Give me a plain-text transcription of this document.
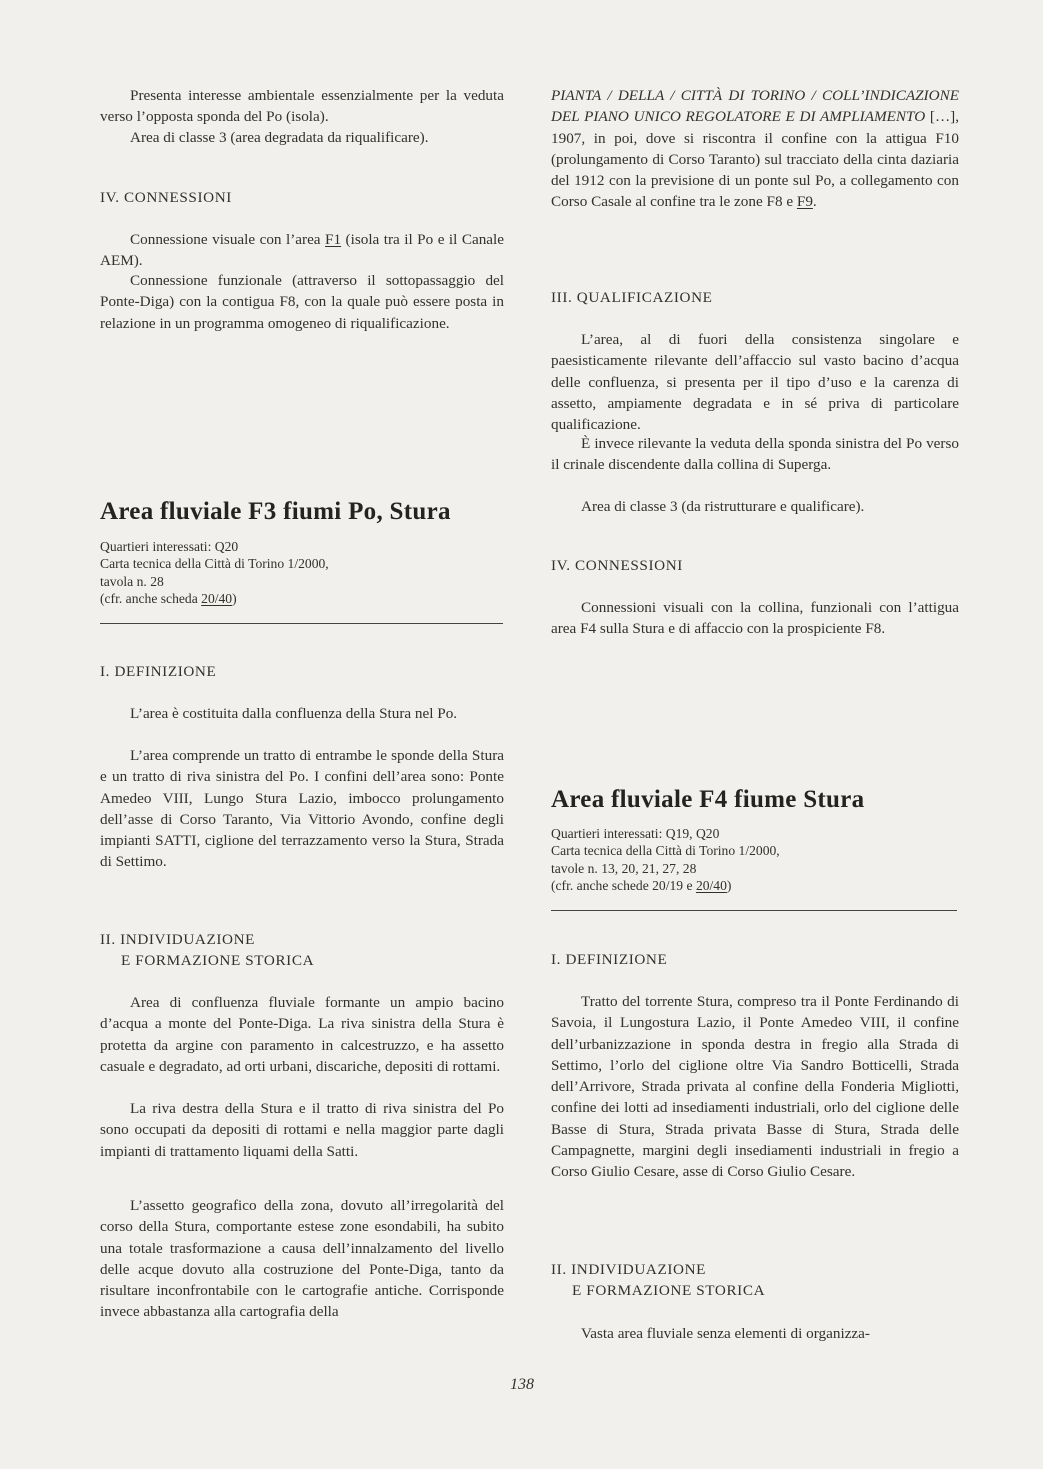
Presenta interesse ambientale essenzialmente per la veduta verso l’opposta sponda del Po (isola).

Area di classe 3 (area degradata da riqualificare).

IV. CONNESSIONI

Connessione visuale con l’area F1 (isola tra il Po e il Canale AEM).

Connessione funzionale (attraverso il sottopassaggio del Ponte-Diga) con la contigua F8, con la quale può essere posta in relazione in un programma omogeneo di riqualificazione.

Area fluviale F3 fiumi Po, Stura
Quartieri interessati: Q20
Carta tecnica della Città di Torino 1/2000,
tavola n. 28
(cfr. anche scheda 20/40)
I. DEFINIZIONE

L’area è costituita dalla confluenza della Stura nel Po.

L’area comprende un tratto di entrambe le sponde della Stura e un tratto di riva sinistra del Po. I confini dell’area sono: Ponte Amedeo VIII, Lungo Stura Lazio, imbocco prolungamento dell’asse di Corso Taranto, Via Vittorio Avondo, confine degli impianti SATTI, ciglione del terrazzamento verso la Stura, Strada di Settimo.

II. INDIVIDUAZIONE
E FORMAZIONE STORICA

Area di confluenza fluviale formante un ampio bacino d’acqua a monte del Ponte-Diga. La riva sinistra della Stura è protetta da argine con paramento in calcestruzzo, e ha assetto casuale e degradato, ad orti urbani, discariche, depositi di rottami.

La riva destra della Stura e il tratto di riva sinistra del Po sono occupati da depositi di rottami e nella maggior parte dagli impianti di trattamento liquami della Satti.

L’assetto geografico della zona, dovuto all’irregolarità del corso della Stura, comportante estese zone esondabili, ha subito una totale trasformazione a causa dell’innalzamento del livello delle acque dovuto alla costruzione del Ponte-Diga, tanto da risultare inconfrontabile con le cartografie antiche. Corrisponde invece abbastanza alla cartografia della

PIANTA / DELLA / CITTÀ DI TORINO / COLL’INDICAZIONE DEL PIANO UNICO REGOLATORE E DI AMPLIAMENTO […], 1907, in poi, dove si riscontra il confine con la attigua F10 (prolungamento di Corso Taranto) sul tracciato della cinta daziaria del 1912 con la previsione di un ponte sul Po, a collegamento con Corso Casale al confine tra le zone F8 e F9.

III. QUALIFICAZIONE

L’area, al di fuori della consistenza singolare e paesisticamente rilevante dell’affaccio sul vasto bacino d’acqua delle confluenza, si presenta per il tipo d’uso e la carenza di assetto, ampiamente degradata e in sé priva di particolare qualificazione.

È invece rilevante la veduta della sponda sinistra del Po verso il crinale discendente dalla collina di Superga.

Area di classe 3 (da ristrutturare e qualificare).

IV. CONNESSIONI

Connessioni visuali con la collina, funzionali con l’attigua area F4 sulla Stura e di affaccio con la prospiciente F8.

Area fluviale F4 fiume Stura
Quartieri interessati: Q19, Q20
Carta tecnica della Città di Torino 1/2000,
tavole n. 13, 20, 21, 27, 28
(cfr. anche schede 20/19 e 20/40)
I. DEFINIZIONE

Tratto del torrente Stura, compreso tra il Ponte Ferdinando di Savoia, il Lungostura Lazio, il Ponte Amedeo VIII, il confine dell’urbanizzazione in sponda destra in fregio alla Strada di Settimo, l’orlo del ciglione oltre Via Sandro Botticelli, Strada dell’Arrivore, Strada privata al confine della Fonderia Migliotti, confine dei lotti ad insediamenti industriali, orlo del ciglione delle Basse di Stura, Strada privata Basse di Stura, Strada delle Campagnette, margini degli insediamenti industriali in fregio a Corso Giulio Cesare, asse di Corso Giulio Cesare.

II. INDIVIDUAZIONE
E FORMAZIONE STORICA

Vasta area fluviale senza elementi di organizza-

138
